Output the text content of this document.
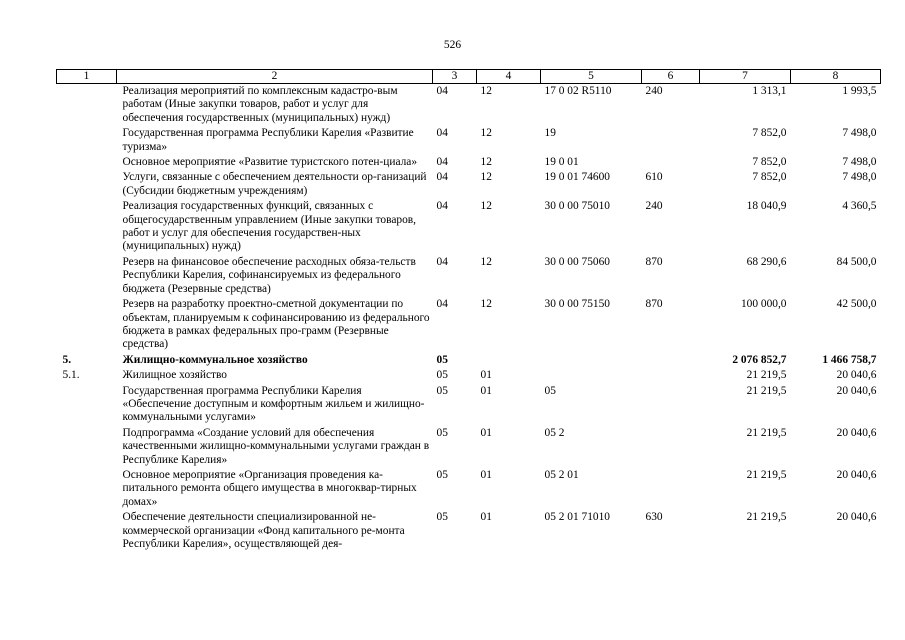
526
1	2	3	4	5	6	7	8
	Реализация мероприятий по комплексным кадастро-вым работам (Иные закупки товаров, работ и услуг для обеспечения государственных (муниципальных) нужд)	04	12	17 0 02 R5110	240	1 313,1	1 993,5
	Государственная программа Республики Карелия «Развитие туризма»	04	12	19		7 852,0	7 498,0
	Основное мероприятие «Развитие туристского потен-циала»	04	12	19 0 01		7 852,0	7 498,0
	Услуги, связанные с обеспечением деятельности ор-ганизаций (Субсидии бюджетным учреждениям)	04	12	19 0 01 74600	610	7 852,0	7 498,0
	Реализация государственных функций, связанных с общегосударственным управлением (Иные закупки товаров, работ и услуг для обеспечения государствен-ных (муниципальных) нужд)	04	12	30 0 00 75010	240	18 040,9	4 360,5
	Резерв на финансовое обеспечение расходных обяза-тельств Республики Карелия, софинансируемых из федерального бюджета (Резервные средства)	04	12	30 0 00 75060	870	68 290,6	84 500,0
	Резерв на разработку проектно-сметной документации по объектам, планируемым к софинансированию из федерального бюджета в рамках федеральных про-грамм (Резервные средства)	04	12	30 0 00 75150	870	100 000,0	42 500,0
5.	Жилищно-коммунальное хозяйство	05				2 076 852,7	1 466 758,7
5.1.	Жилищное хозяйство	05	01			21 219,5	20 040,6
	Государственная программа Республики Карелия «Обеспечение доступным и комфортным жильем и жилищно-коммунальными услугами»	05	01	05		21 219,5	20 040,6
	Подпрограмма «Создание условий для обеспечения качественными жилищно-коммунальными услугами граждан в Республике Карелия»	05	01	05 2		21 219,5	20 040,6
	Основное мероприятие «Организация проведения ка-питального ремонта общего имущества в многоквар-тирных домах»	05	01	05 2 01		21 219,5	20 040,6
	Обеспечение деятельности специализированной не-коммерческой организации «Фонд капитального ре-монта Республики Карелия», осуществляющей дея-	05	01	05 2 01 71010	630	21 219,5	20 040,6
